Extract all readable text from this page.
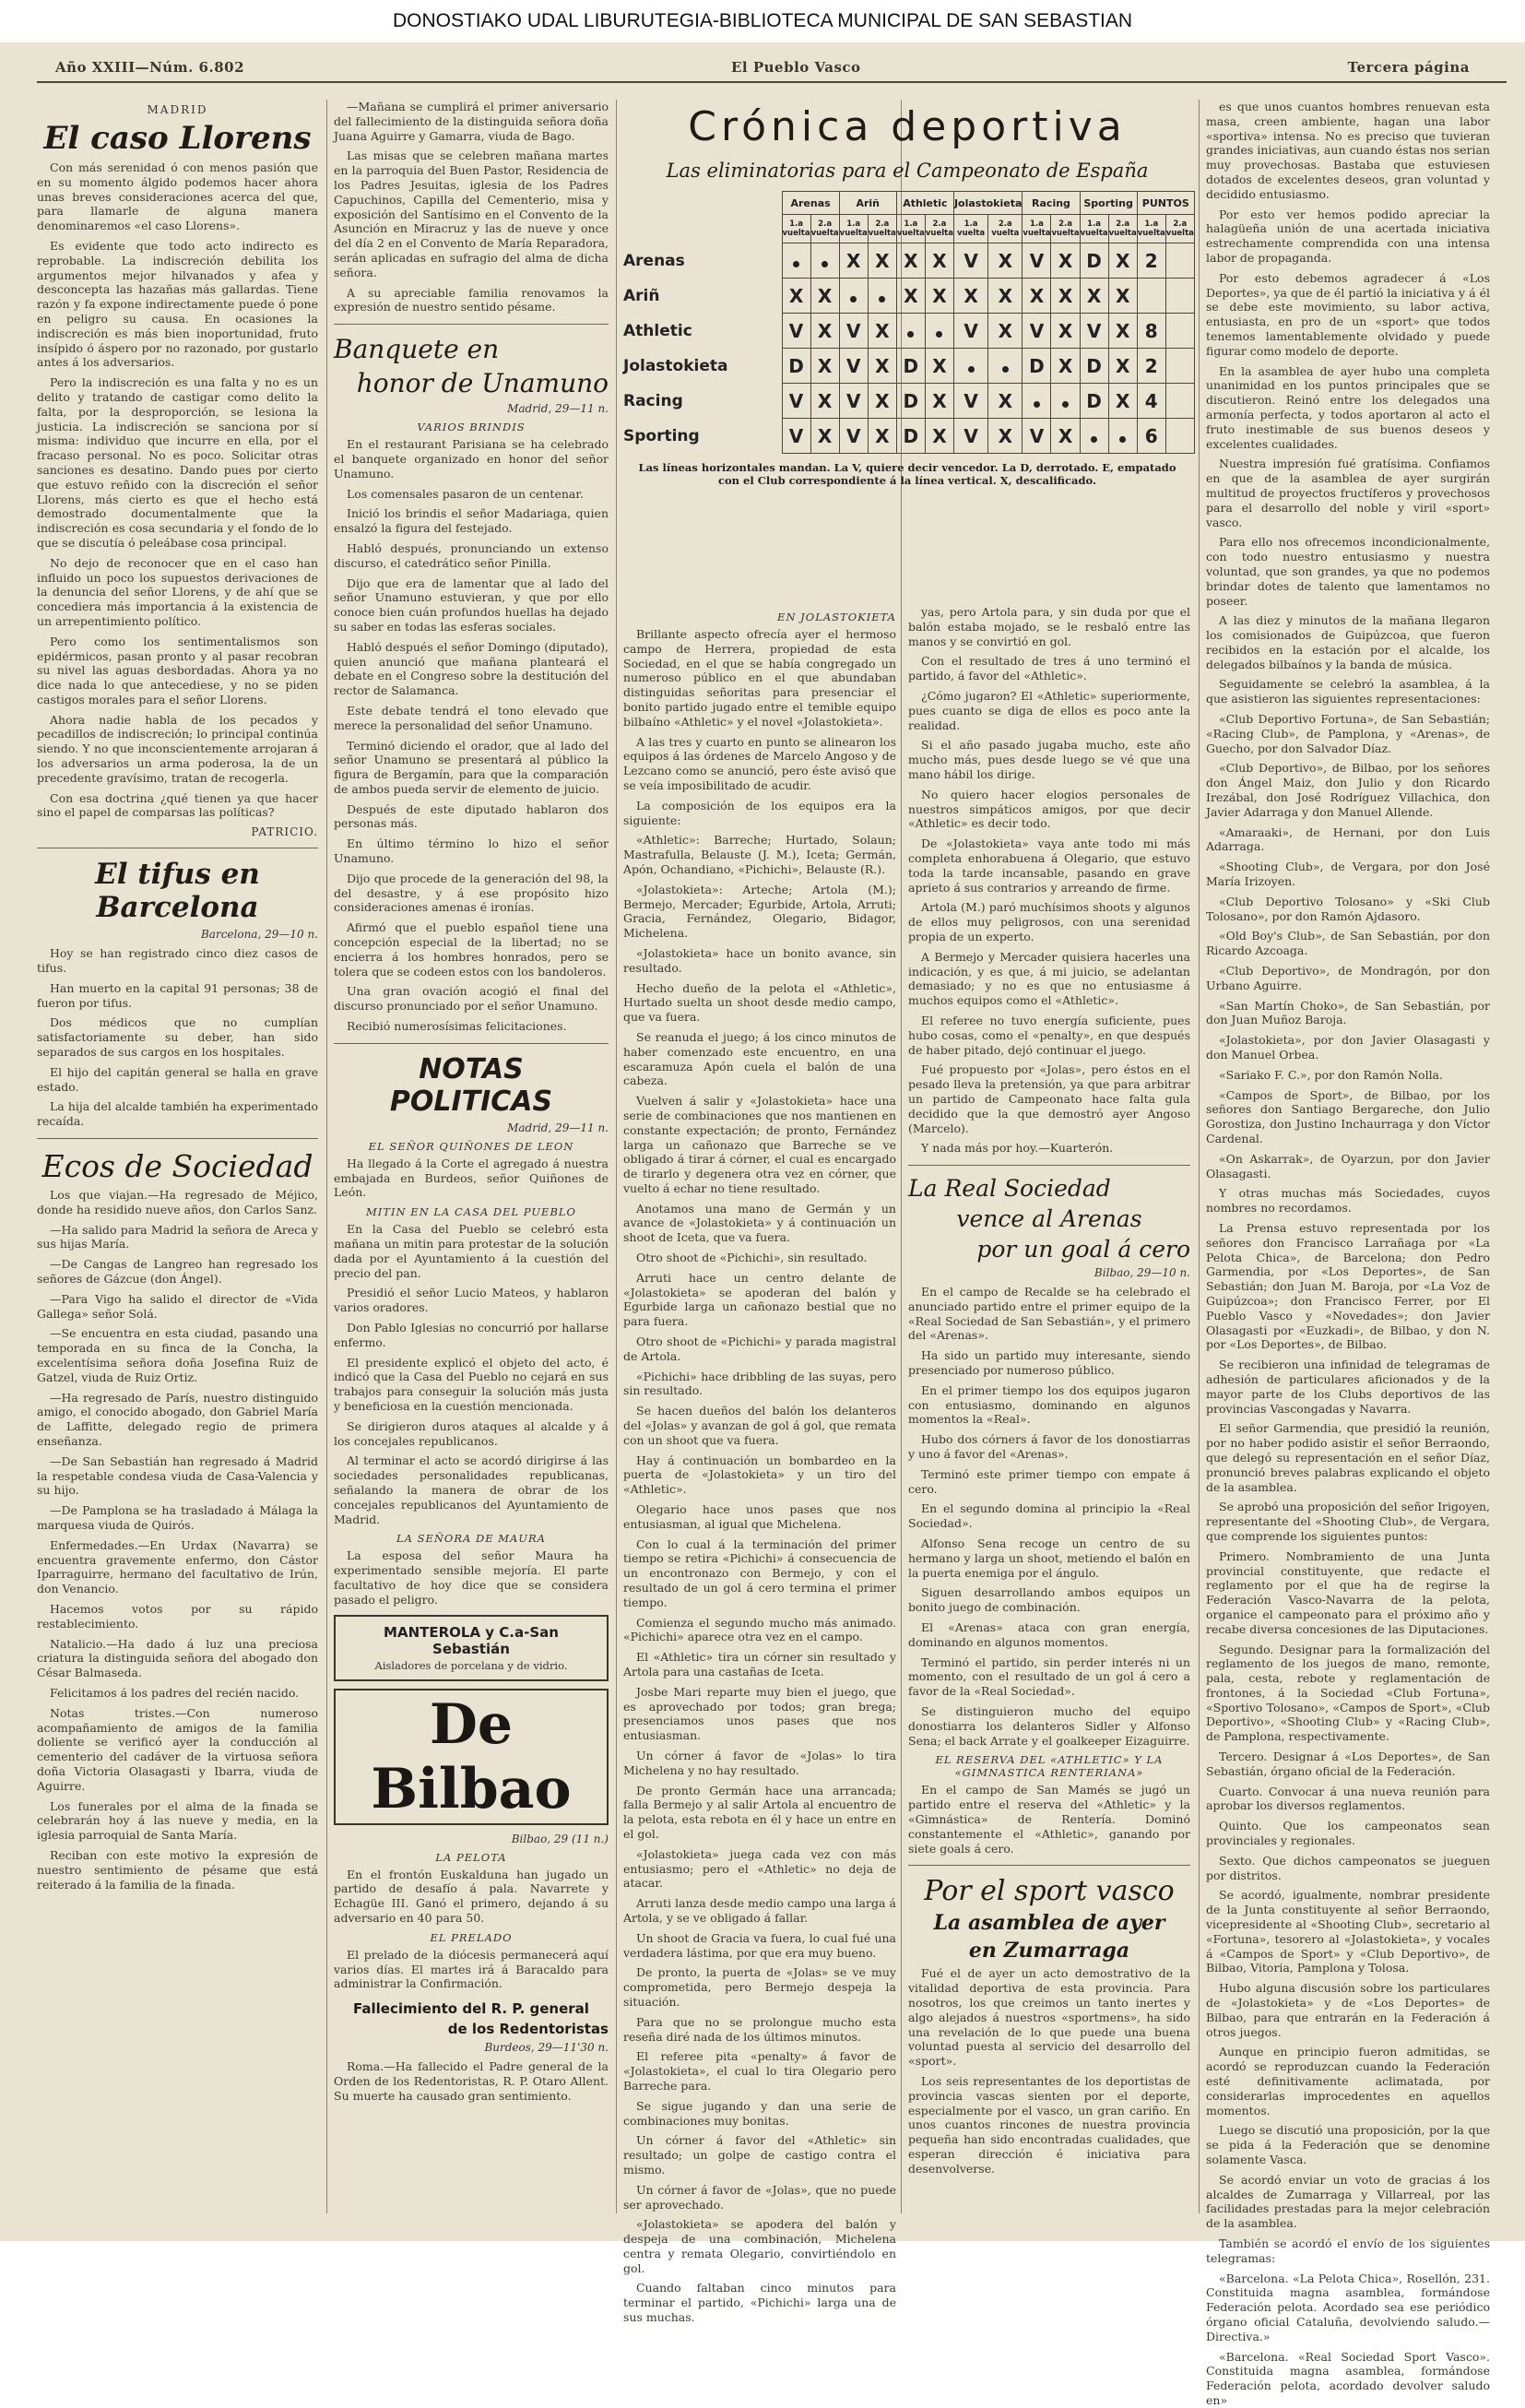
DONOSTIAKO UDAL LIBURUTEGIA-BIBLIOTECA MUNICIPAL DE SAN SEBASTIAN
Año XXIII—Núm. 6.802	El Pueblo Vasco	Tercera página
MADRID
El caso Llorens

Con más serenidad ó con menos pasión que en su momento álgido podemos hacer ahora unas breves consideraciones acerca del que, para llamarle de alguna manera denominaremos «el caso Llorens».

Es evidente que todo acto indirecto es reprobable. La indiscreción debilita los argumentos mejor hilvanados y afea y desconcepta las hazañas más gallardas. Tiene razón y fa expone indirectamente puede ó pone en peligro su causa. En ocasiones la indiscreción es más bien inoportunidad, fruto insípido ó áspero por no razonado, por gustarlo antes á los adversarios.

Pero la indiscreción es una falta y no es un delito y tratando de castigar como delito la falta, por la desproporción, se lesiona la justicia. La indiscreción se sanciona por sí misma: individuo que incurre en ella, por el fracaso personal. No es poco. Solicitar otras sanciones es desatino. Dando pues por cierto que estuvo reñido con la discreción el señor Llorens, más cierto es que el hecho está demostrado documentalmente que la indiscreción es cosa secundaria y el fondo de lo que se discutía ó peleábase cosa principal.

No dejo de reconocer que en el caso han influido un poco los supuestos derivaciones de la denuncia del señor Llorens, y de ahí que se concediera más importancia á la existencia de un arrepentimiento político.

Pero como los sentimentalismos son epidérmicos, pasan pronto y al pasar recobran su nivel las aguas desbordadas. Ahora ya no dice nada lo que antecediese, y no se piden castigos morales para el señor Llorens.

Ahora nadie habla de los pecados y pecadillos de indiscreción; lo principal continúa siendo. Y no que inconscientemente arrojaran á los adversarios un arma poderosa, la de un precedente gravísimo, tratan de recogerla.

Con esa doctrina ¿qué tienen ya que hacer sino el papel de comparsas las políticas?

PATRICIO.
El tifus en Barcelona
Barcelona, 29—10 n.

Hoy se han registrado cinco diez casos de tifus.

Han muerto en la capital 91 personas; 38 de fueron por tifus.

Dos médicos que no cumplían satisfactoriamente su deber, han sido separados de sus cargos en los hospitales.

El hijo del capitán general se halla en grave estado.

La hija del alcalde también ha experimentado recaída.

Ecos de Sociedad

Los que viajan.—Ha regresado de Méjico, donde ha residido nueve años, don Carlos Sanz.

—Ha salido para Madrid la señora de Areca y sus hijas María.

—De Cangas de Langreo han regresado los señores de Gázcue (don Ángel).

—Para Vigo ha salido el director de «Vida Gallega» señor Solá.

—Se encuentra en esta ciudad, pasando una temporada en su finca de la Concha, la excelentísima señora doña Josefina Ruiz de Gatzel, viuda de Ruiz Ortiz.

—Ha regresado de París, nuestro distinguido amigo, el conocido abogado, don Gabriel María de Laffitte, delegado regio de primera enseñanza.

—De San Sebastián han regresado á Madrid la respetable condesa viuda de Casa-Valencia y su hijo.

—De Pamplona se ha trasladado á Málaga la marquesa viuda de Quirós.

Enfermedades.—En Urdax (Navarra) se encuentra gravemente enfermo, don Cástor Iparraguirre, hermano del facultativo de Irún, don Venancio.

Hacemos votos por su rápido restablecimiento.

Natalicio.—Ha dado á luz una preciosa criatura la distinguida señora del abogado don César Balmaseda.

Felicitamos á los padres del recién nacido.

Notas tristes.—Con numeroso acompañamiento de amigos de la familia doliente se verificó ayer la conducción al cementerio del cadáver de la virtuosa señora doña Victoria Olasagasti y Ibarra, viuda de Aguirre.

Los funerales por el alma de la finada se celebrarán hoy á las nueve y media, en la iglesia parroquial de Santa María.

Reciban con este motivo la expresión de nuestro sentimiento de pésame que está reiterado á la familia de la finada.

—Mañana se cumplirá el primer aniversario del fallecimiento de la distinguida señora doña Juana Aguirre y Gamarra, viuda de Bago.

Las misas que se celebren mañana martes en la parroquia del Buen Pastor, Residencia de los Padres Jesuitas, iglesia de los Padres Capuchinos, Capilla del Cementerio, misa y exposición del Santísimo en el Convento de la Asunción en Miracruz y las de nueve y once del día 2 en el Convento de María Reparadora, serán aplicadas en sufragio del alma de dicha señora.

A su apreciable familia renovamos la expresión de nuestro sentido pésame.

Banquete en
honor de Unamuno
Madrid, 29—11 n.
VARIOS BRINDIS

En el restaurant Parisiana se ha celebrado el banquete organizado en honor del señor Unamuno.

Los comensales pasaron de un centenar.

Inició los brindis el señor Madariaga, quien ensalzó la figura del festejado.

Habló después, pronunciando un extenso discurso, el catedrático señor Pinilla.

Dijo que era de lamentar que al lado del señor Unamuno estuvieran, y que por ello conoce bien cuán profundos huellas ha dejado su saber en todas las esferas sociales.

Habló después el señor Domingo (diputado), quien anunció que mañana planteará el debate en el Congreso sobre la destitución del rector de Salamanca.

Este debate tendrá el tono elevado que merece la personalidad del señor Unamuno.

Terminó diciendo el orador, que al lado del señor Unamuno se presentará al público la figura de Bergamín, para que la comparación de ambos pueda servir de elemento de juicio.

Después de este diputado hablaron dos personas más.

En último término lo hizo el señor Unamuno.

Dijo que procede de la generación del 98, la del desastre, y á ese propósito hizo consideraciones amenas é ironías.

Afirmó que el pueblo español tiene una concepción especial de la libertad; no se encierra á los hombres honrados, pero se tolera que se codeen estos con los bandoleros.

Una gran ovación acogió el final del discurso pronunciado por el señor Unamuno.

Recibió numerosísimas felicitaciones.

NOTAS POLITICAS
Madrid, 29—11 n.
EL SEÑOR QUIÑONES DE LEON

Ha llegado á la Corte el agregado á nuestra embajada en Burdeos, señor Quiñones de León.

MITIN EN LA CASA DEL PUEBLO

En la Casa del Pueblo se celebró esta mañana un mitin para protestar de la solución dada por el Ayuntamiento á la cuestión del precio del pan.

Presidió el señor Lucio Mateos, y hablaron varios oradores.

Don Pablo Iglesias no concurrió por hallarse enfermo.

El presidente explicó el objeto del acto, é indicó que la Casa del Pueblo no cejará en sus trabajos para conseguir la solución más justa y beneficiosa en la cuestión mencionada.

Se dirigieron duros ataques al alcalde y á los concejales republicanos.

Al terminar el acto se acordó dirigirse á las sociedades personalidades republicanas, señalando la manera de obrar de los concejales republicanos del Ayuntamiento de Madrid.

LA SEÑORA DE MAURA

La esposa del señor Maura ha experimentado sensible mejoría. El parte facultativo de hoy dice que se considera pasado el peligro.

MANTEROLA y C.a-San Sebastián
Aisladores de porcelana y de vidrio.
De Bilbao
Bilbao, 29 (11 n.)
LA PELOTA

En el frontón Euskalduna han jugado un partido de desafío á pala. Navarrete y Echagüe III. Ganó el primero, dejando á su adversario en 40 para 50.

EL PRELADO

El prelado de la diócesis permanecerá aquí varios días. El martes irá á Baracaldo para administrar la Confirmación.

Fallecimiento del R. P. general
de los Redentoristas
Burdeos, 29—11'30 n.

Roma.—Ha fallecido el Padre general de la Orden de los Redentoristas, R. P. Otaro Allent. Su muerte ha causado gran sentimiento.

Crónica deportiva
Las eliminatorias para el Campeonato de España
	Arenas	Ariñ	Athletic	Jolastokieta	Racing	Sporting	PUNTOS
	1.a vuelta	2.a vuelta	1.a vuelta	2.a vuelta	1.a vuelta	2.a vuelta	1.a vuelta	2.a vuelta	1.a vuelta	2.a vuelta	1.a vuelta	2.a vuelta	1.a vuelta	2.a vuelta
Arenas			X	X	X	X	V	X	V	X	D	X	2	
Ariñ	X	X			X	X	X	X	X	X	X	X		
Athletic	V	X	V	X			V	X	V	X	V	X	8	
Jolastokieta	D	X	V	X	D	X			D	X	D	X	2	
Racing	V	X	V	X	D	X	V	X			D	X	4	
Sporting	V	X	V	X	D	X	V	X	V	X			6	
Las líneas horizontales mandan. La V, quiere decir vencedor. La D, derrotado. E, empatado con el Club correspondiente á la línea vertical. X, descalificado.
EN JOLASTOKIETA

Brillante aspecto ofrecía ayer el hermoso campo de Herrera, propiedad de esta Sociedad, en el que se había congregado un numeroso público en el que abundaban distinguidas señoritas para presenciar el bonito partido jugado entre el temible equipo bilbaíno «Athletic» y el novel «Jolastokieta».

A las tres y cuarto en punto se alinearon los equipos á las órdenes de Marcelo Angoso y de Lezcano como se anunció, pero éste avisó que se veía imposibilitado de acudir.

La composición de los equipos era la siguiente:

«Athletic»: Barreche; Hurtado, Solaun; Mastrafulla, Belauste (J. M.), Iceta; Germán, Apón, Ochandiano, «Pichichi», Belauste (R.).

«Jolastokieta»: Arteche; Artola (M.); Bermejo, Mercader; Egurbide, Artola, Arruti; Gracia, Fernández, Olegario, Bidagor, Michelena.

«Jolastokieta» hace un bonito avance, sin resultado.

Hecho dueño de la pelota el «Athletic», Hurtado suelta un shoot desde medio campo, que va fuera.

Se reanuda el juego; á los cinco minutos de haber comenzado este encuentro, en una escaramuza Apón cuela el balón de una cabeza.

Vuelven á salir y «Jolastokieta» hace una serie de combinaciones que nos mantienen en constante expectación; de pronto, Fernández larga un cañonazo que Barreche se ve obligado á tirar á córner, el cual es encargado de tirarlo y degenera otra vez en córner, que vuelto á echar no tiene resultado.

Anotamos una mano de Germán y un avance de «Jolastokieta» y á continuación un shoot de Iceta, que va fuera.

Otro shoot de «Pichichi», sin resultado.

Arruti hace un centro delante de «Jolastokieta» se apoderan del balón y Egurbide larga un cañonazo bestial que no para fuera.

Otro shoot de «Pichichi» y parada magistral de Artola.

«Pichichi» hace dribbling de las suyas, pero sin resultado.

Se hacen dueños del balón los delanteros del «Jolas» y avanzan de gol á gol, que remata con un shoot que va fuera.

Hay á continuación un bombardeo en la puerta de «Jolastokieta» y un tiro del «Athletic».

Olegario hace unos pases que nos entusiasman, al igual que Michelena.

Con lo cual á la terminación del primer tiempo se retira «Pichichi» á consecuencia de un encontronazo con Bermejo, y con el resultado de un gol á cero termina el primer tiempo.

Comienza el segundo mucho más animado. «Pichichi» aparece otra vez en el campo.

El «Athletic» tira un córner sin resultado y Artola para una castañas de Iceta.

Josbe Mari reparte muy bien el juego, que es aprovechado por todos; gran brega; presenciamos unos pases que nos entusiasman.

Un córner á favor de «Jolas» lo tira Michelena y no hay resultado.

De pronto Germán hace una arrancada; falla Bermejo y al salir Artola al encuentro de la pelota, esta rebota en él y hace un entre en el gol.

«Jolastokieta» juega cada vez con más entusiasmo; pero el «Athletic» no deja de atacar.

Arruti lanza desde medio campo una larga á Artola, y se ve obligado á fallar.

Un shoot de Gracia va fuera, lo cual fué una verdadera lástima, por que era muy bueno.

De pronto, la puerta de «Jolas» se ve muy comprometida, pero Bermejo despeja la situación.

Para que no se prolongue mucho esta reseña diré nada de los últimos minutos.

El referee pita «penalty» á favor de «Jolastokieta», el cual lo tira Olegario pero Barreche para.

Se sigue jugando y dan una serie de combinaciones muy bonitas.

Un córner á favor del «Athletic» sin resultado; un golpe de castigo contra el mismo.

Un córner á favor de «Jolas», que no puede ser aprovechado.

«Jolastokieta» se apodera del balón y despeja de una combinación, Michelena centra y remata Olegario, convirtiéndolo en gol.

Cuando faltaban cinco minutos para terminar el partido, «Pichichi» larga una de sus muchas.

yas, pero Artola para, y sin duda por que el balón estaba mojado, se le resbaló entre las manos y se convirtió en gol.

Con el resultado de tres á uno terminó el partido, á favor del «Athletic».

¿Cómo jugaron? El «Athletic» superiormente, pues cuanto se diga de ellos es poco ante la realidad.

Si el año pasado jugaba mucho, este año mucho más, pues desde luego se vé que una mano hábil los dirige.

No quiero hacer elogios personales de nuestros simpáticos amigos, por que decir «Athletic» es decir todo.

De «Jolastokieta» vaya ante todo mi más completa enhorabuena á Olegario, que estuvo toda la tarde incansable, pasando en grave aprieto á sus contrarios y arreando de firme.

Artola (M.) paró muchísimos shoots y algunos de ellos muy peligrosos, con una serenidad propia de un experto.

A Bermejo y Mercader quisiera hacerles una indicación, y es que, á mi juicio, se adelantan demasiado; y no es que no entusiasme á muchos equipos como el «Athletic».

El referee no tuvo energía suficiente, pues hubo cosas, como el «penalty», en que después de haber pitado, dejó continuar el juego.

Fué propuesto por «Jolas», pero éstos en el pesado lleva la pretensión, ya que para arbitrar un partido de Campeonato hace falta gula decidido que la que demostró ayer Angoso (Marcelo).

Y nada más por hoy.—Kuarterón.

La Real Sociedad
vence al Arenas
por un goal á cero
Bilbao, 29—10 n.

En el campo de Recalde se ha celebrado el anunciado partido entre el primer equipo de la «Real Sociedad de San Sebastián», y el primero del «Arenas».

Ha sido un partido muy interesante, siendo presenciado por numeroso público.

En el primer tiempo los dos equipos jugaron con entusiasmo, dominando en algunos momentos la «Real».

Hubo dos córners á favor de los donostiarras y uno á favor del «Arenas».

Terminó este primer tiempo con empate á cero.

En el segundo domina al principio la «Real Sociedad».

Alfonso Sena recoge un centro de su hermano y larga un shoot, metiendo el balón en la puerta enemiga por el ángulo.

Siguen desarrollando ambos equipos un bonito juego de combinación.

El «Arenas» ataca con gran energía, dominando en algunos momentos.

Terminó el partido, sin perder interés ni un momento, con el resultado de un gol á cero a favor de la «Real Sociedad».

Se distinguieron mucho del equipo donostiarra los delanteros Sidler y Alfonso Sena; el back Arrate y el goalkeeper Eizaguirre.

EL RESERVA DEL «ATHLETIC» Y LA «GIMNASTICA RENTERIANA»

En el campo de San Mamés se jugó un partido entre el reserva del «Athletic» y la «Gimnástica» de Rentería. Dominó constantemente el «Athletic», ganando por siete goals á cero.

Por el sport vasco
La asamblea de ayer
en Zumarraga

Fué el de ayer un acto demostrativo de la vitalidad deportiva de esta provincia. Para nosotros, los que creimos un tanto inertes y algo alejados á nuestros «sportmens», ha sido una revelación de lo que puede una buena voluntad puesta al servicio del desarrollo del «sport».

Los seis representantes de los deportistas de provincia vascas sienten por el deporte, especialmente por el vasco, un gran cariño. En unos cuantos rincones de nuestra provincia pequeña han sido encontradas cualidades, que esperan dirección é iniciativa para desenvolverse.

es que unos cuantos hombres renuevan esta masa, creen ambiente, hagan una labor «sportiva» intensa. No es preciso que tuvieran grandes iniciativas, aun cuando éstas nos serian muy provechosas. Bastaba que estuviesen dotados de excelentes deseos, gran voluntad y decidido entusiasmo.

Por esto ver hemos podido apreciar la halagüeña unión de una acertada iniciativa estrechamente comprendida con una intensa labor de propaganda.

Por esto debemos agradecer á «Los Deportes», ya que de él partió la iniciativa y á él se debe este movimiento, su labor activa, entusiasta, en pro de un «sport» que todos tenemos lamentablemente olvidado y puede figurar como modelo de deporte.

En la asamblea de ayer hubo una completa unanimidad en los puntos principales que se discutieron. Reinó entre los delegados una armonía perfecta, y todos aportaron al acto el fruto inestimable de sus buenos deseos y excelentes cualidades.

Nuestra impresión fué gratísima. Confiamos en que de la asamblea de ayer surgirán multitud de proyectos fructíferos y provechosos para el desarrollo del noble y viril «sport» vasco.

Para ello nos ofrecemos incondicionalmente, con todo nuestro entusiasmo y nuestra voluntad, que son grandes, ya que no podemos brindar dotes de talento que lamentamos no poseer.

A las diez y minutos de la mañana llegaron los comisionados de Guipúzcoa, que fueron recibidos en la estación por el alcalde, los delegados bilbaínos y la banda de música.

Seguidamente se celebró la asamblea, á la que asistieron las siguientes representaciones:

«Club Deportivo Fortuna», de San Sebastián; «Racing Club», de Pamplona, y «Arenas», de Guecho, por don Salvador Díaz.

«Club Deportivo», de Bilbao, por los señores don Ángel Maiz, don Julio y don Ricardo Irezábal, don José Rodríguez Villachica, don Javier Adarraga y don Manuel Allende.

«Amaraaki», de Hernani, por don Luis Adarraga.

«Shooting Club», de Vergara, por don José María Irizoyen.

«Club Deportivo Tolosano» y «Ski Club Tolosano», por don Ramón Ajdasoro.

«Old Boy's Club», de San Sebastián, por don Ricardo Azcoaga.

«Club Deportivo», de Mondragón, por don Urbano Aguirre.

«San Martín Choko», de San Sebastián, por don Juan Muñoz Baroja.

«Jolastokieta», por don Javier Olasagasti y don Manuel Orbea.

«Sariako F. C.», por don Ramón Nolla.

«Campos de Sport», de Bilbao, por los señores don Santiago Bergareche, don Julio Gorostiza, don Justino Inchaurraga y don Víctor Cardenal.

«On Askarrak», de Oyarzun, por don Javier Olasagasti.

Y otras muchas más Sociedades, cuyos nombres no recordamos.

La Prensa estuvo representada por los señores don Francisco Larrañaga por «La Pelota Chica», de Barcelona; don Pedro Garmendia, por «Los Deportes», de San Sebastián; don Juan M. Baroja, por «La Voz de Guipúzcoa»; don Francisco Ferrer, por El Pueblo Vasco y «Novedades»; don Javier Olasagasti por «Euzkadi», de Bilbao, y don N. por «Los Deportes», de Bilbao.

Se recibieron una infinidad de telegramas de adhesión de particulares aficionados y de la mayor parte de los Clubs deportivos de las provincias Vascongadas y Navarra.

El señor Garmendia, que presidió la reunión, por no haber podido asistir el señor Berraondo, que delegó su representación en el señor Díaz, pronunció breves palabras explicando el objeto de la asamblea.

Se aprobó una proposición del señor Irigoyen, representante del «Shooting Club», de Vergara, que comprende los siguientes puntos:

Primero. Nombramiento de una Junta provincial constituyente, que redacte el reglamento por el que ha de regirse la Federación Vasco-Navarra de la pelota, organice el campeonato para el próximo año y recabe diversa concesiones de las Diputaciones.

Segundo. Designar para la formalización del reglamento de los juegos de mano, remonte, pala, cesta, rebote y reglamentación de frontones, á la Sociedad «Club Fortuna», «Sportivo Tolosano», «Campos de Sport», «Club Deportivo», «Shooting Club» y «Racing Club», de Pamplona, respectivamente.

Tercero. Designar á «Los Deportes», de San Sebastián, órgano oficial de la Federación.

Cuarto. Convocar á una nueva reunión para aprobar los diversos reglamentos.

Quinto. Que los campeonatos sean provinciales y regionales.

Sexto. Que dichos campeonatos se jueguen por distritos.

Se acordó, igualmente, nombrar presidente de la Junta constituyente al señor Berraondo, vicepresidente al «Shooting Club», secretario al «Fortuna», tesorero al «Jolastokieta», y vocales á «Campos de Sport» y «Club Deportivo», de Bilbao, Vitoria, Pamplona y Tolosa.

Hubo alguna discusión sobre los particulares de «Jolastokieta» y de «Los Deportes» de Bilbao, para que entrarán en la Federación á otros juegos.

Aunque en principio fueron admitidas, se acordó se reproduzcan cuando la Federación esté definitivamente aclimatada, por considerarlas improcedentes en aquellos momentos.

Luego se discutió una proposición, por la que se pida á la Federación que se denomine solamente Vasca.

Se acordó enviar un voto de gracias á los alcaldes de Zumarraga y Villarreal, por las facilidades prestadas para la mejor celebración de la asamblea.

También se acordó el envío de los siguientes telegramas:

«Barcelona. «La Pelota Chica», Rosellón, 231. Constituida magna asamblea, formándose Federación pelota. Acordado sea ese periódico órgano oficial Cataluña, devolviendo saludo.—Directiva.»

«Barcelona. «Real Sociedad Sport Vasco». Constituida magna asamblea, formándose Federación pelota, acordado devolver saludo en»
